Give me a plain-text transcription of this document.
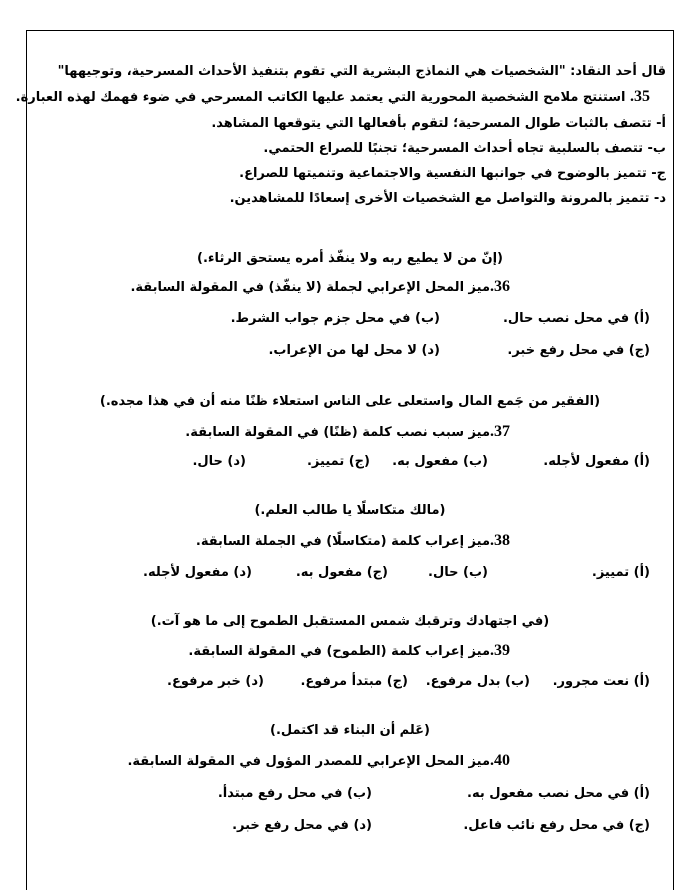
قال أحد النقاد: "الشخصيات هي النماذج البشرية التي تقوم بتنفيذ الأحداث المسرحية، وتوجيهها"
35. استنتج ملامح الشخصية المحورية التي يعتمد عليها الكاتب المسرحي في ضوء فهمك لهذه العبارة.
أ- تتصف بالثبات طوال المسرحية؛ لتقوم بأفعالها التي يتوقعها المشاهد.
ب- تتصف بالسلبية تجاه أحداث المسرحية؛ تجنبًا للصراع الحتمي.
ج- تتميز بالوضوح في جوانبها النفسية والاجتماعية وتنميتها للصراع.
د- تتميز بالمرونة والتواصل مع الشخصيات الأخرى إسعادًا للمشاهدين.
(إنّ من لا يطيع ربه ولا ينفّذ أمره يستحق الرثاء.)
36.ميز المحل الإعرابي لجملة (لا ينفّذ) في المقولة السابقة.
(أ) في محل نصب حال.
(ب) في محل جزم جواب الشرط.
(ج) في محل رفع خبر.
(د) لا محل لها من الإعراب.
(الفقير من جَمع المال واستعلى على الناس استعلاء ظنًا منه أن في هذا مجده.)
37.ميز سبب نصب كلمة (ظنًا) في المقولة السابقة.
(أ) مفعول لأجله.
(ب) مفعول به.
(ج) تمييز.
(د) حال.
(مالك متكاسلًا يا طالب العلم.)
38.ميز إعراب كلمة (متكاسلًا) في الجملة السابقة.
(أ) تمييز.
(ب) حال.
(ج) مفعول به.
(د) مفعول لأجله.
(في اجتهادك وترقبك شمس المستقبل الطموح إلى ما هو آت.)
39.ميز إعراب كلمة (الطموح) في المقولة السابقة.
(أ) نعت مجرور.
(ب) بدل مرفوع.
(ج) مبتدأ مرفوع.
(د) خبر مرفوع.
(عَلم أن البناء قد اكتمل.)
40.ميز المحل الإعرابي للمصدر المؤول في المقولة السابقة.
(أ) في محل نصب مفعول به.
(ب) في محل رفع مبتدأ.
(ج) في محل رفع نائب فاعل.
(د) في محل رفع خبر.
